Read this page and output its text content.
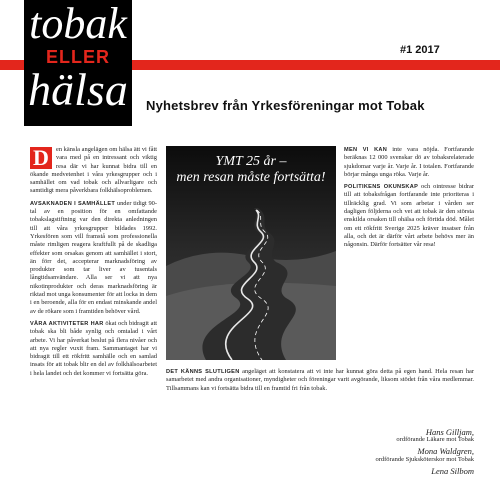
tobak
ELLER
hälsa
#1 2017
Nyhetsbrev från Yrkesföreningar mot Tobak

D	en känsla angelägen om hälsa ätt vi fått vara med på en intressant och viktig resa där vi har kunnat bidra till en ökande medvetenhet i våra yrkesgrupper och i samhället om vad tobak och allvarligare och samtidigt mera påverkbara folkhälsoproblemen.

AVSAKNADEN I SAMHÄLLET under tidigt 90-tal av en position för en omfattande tobakslagstiftning var den direkta anledningen till att våra yrkesgrupper bildades 1992. Yrkesfören som vill framstå som professionella måste rimligen reagera kraftfullt på de skadliga effekter som orsakas genom att samhället i stort, än förr det, accepterar marknadsföring av produkter som tar liver av tusentals långtidsanvändare. Alla ser vi att nya nikotinprodukter och deras marknadsföring är riktad mot unga konsumenter för att locka in dem i en beroende, alla för en endast minskande andel av de rökare som i framtiden behöver vård.

VÅRA AKTIVITETER HAR ökat och bidragit att tobak ska bli både synlig och omtalad i vårt arbete. Vi har påverkat beslut på flera nivåer och att nya regler vuxit fram. Sammantaget har vi bidragit till ett rökfritt samhälle och en samlad insats för att tobak blir en del av folkhälsoarbetet i hela landet och det kommer vi fortsätta göra.

YMT 25 år –
men resan måste fortsätta!

MEN VI KAN inte vara nöjda. Fortfarande beräknas 12 000 svenskar dö av tobaksrelaterade sjukdomar varje år. Varje år. I totalen. Fortfarande börjar många unga röka. Varje år.

POLITIKENS OKUNSKAP och ointresse bidrar till att tobaksfrågan fortfarande inte prioriteras i tillräcklig grad. Vi som arbetar i vården ser dagligen följderna och vet att tobak är den största enskilda orsaken till ohälsa och förtida död. Målet om ett rökfritt Sverige 2025 kräver insatser från alla, och det är därför vårt arbete behövs mer än någonsin. Därför fortsätter vår resa!

DET KÄNNS SLUTLIGEN angeläget att konstatera att vi inte har kunnat göra detta på egen hand. Hela resan har samarbetet med andra organisationer, myndigheter och föreningar varit avgörande, liksom stödet från våra medlemmar. Tillsammans kan vi fortsätta bidra till en framtid fri från tobak.

Hans Gilljam,
ordförande Läkare mot Tobak
Mona Waldgren,
ordförande Sjuksköterskor mot Tobak
Lena Silbom
